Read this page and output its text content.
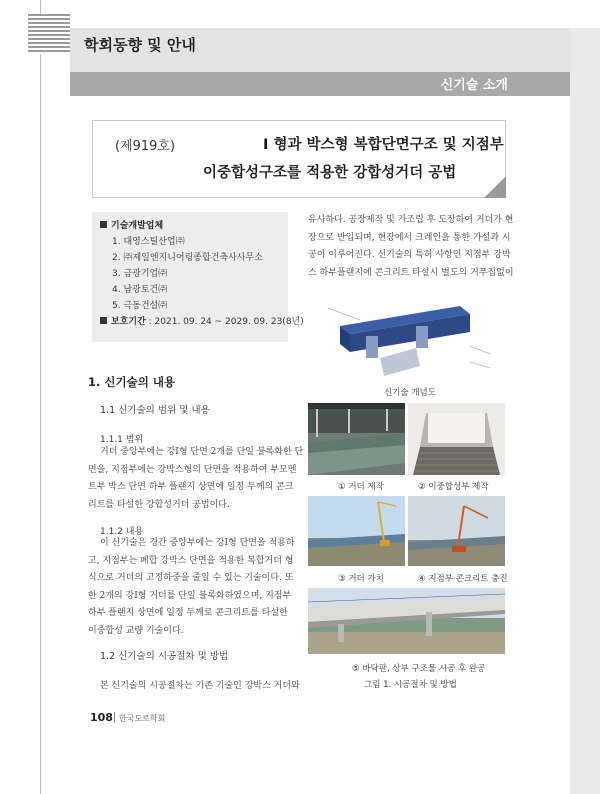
학회동향 및 안내
신기술 소개
(제919호)	I 형과 박스형 복합단면구조 및 지점부
이중합성구조를 적용한 강합성거더 공법
기술개발업체
1. 대영스틸산업㈜
2. ㈜제일엔지니어링종합건축사사무소
3. 금광기업㈜
4. 남광토건㈜
5. 극동건설㈜
보호기간 : 2021. 09. 24 ~ 2029. 09. 23(8년)
1. 신기술의 내용
1.1 신기술의 범위 및 내용
1.1.1 범위
거더 중앙부에는 강I형 단면 2개를 단일 블록화한 단
면을, 지점부에는 강박스형의 단면을 적용하여 부모멘
트부 박스 단면 하부 플랜지 상면에 일정 두께의 콘크
리트를 타설한 강합성거더 공법이다.
1.1.2 내용
이 신기술은 경간 중앙부에는 강I형 단면을 적용하
고, 지점부는 폐합 강박스 단면을 적용한 복합거더 형
식으로 거더의 고정하중을 줄일 수 있는 기술이다. 또
한 2개의 강I형 거더를 단일 블록화하였으며, 지점부
하부 플랜지 상면에 일정 두께로 콘크리트를 타설한
이중합성 교량 기술이다.
1.2 신기술의 시공절차 및 방법
본 신기술의 시공절차는 기존 기술인 강박스 거더와
유사하다. 공장제작 및 가조립 후 도장하여 거더가 현
장으로 반입되며, 현장에서 크레인을 통한 가설과 시
공이 이루어진다. 신기술의 특허 사항인 지점부 강박
스 하부플랜지에 콘크리트 타설시 별도의 거푸집없이
신기술 개념도
① 거더 제작	② 이중합성부 제작
③ 거더 가치	④ 지점부 콘크리트 충진
⑤ 바닥판, 상부 구조물 시공 후 완공
그림 1. 시공절차 및 방법
108 한국도로학회
